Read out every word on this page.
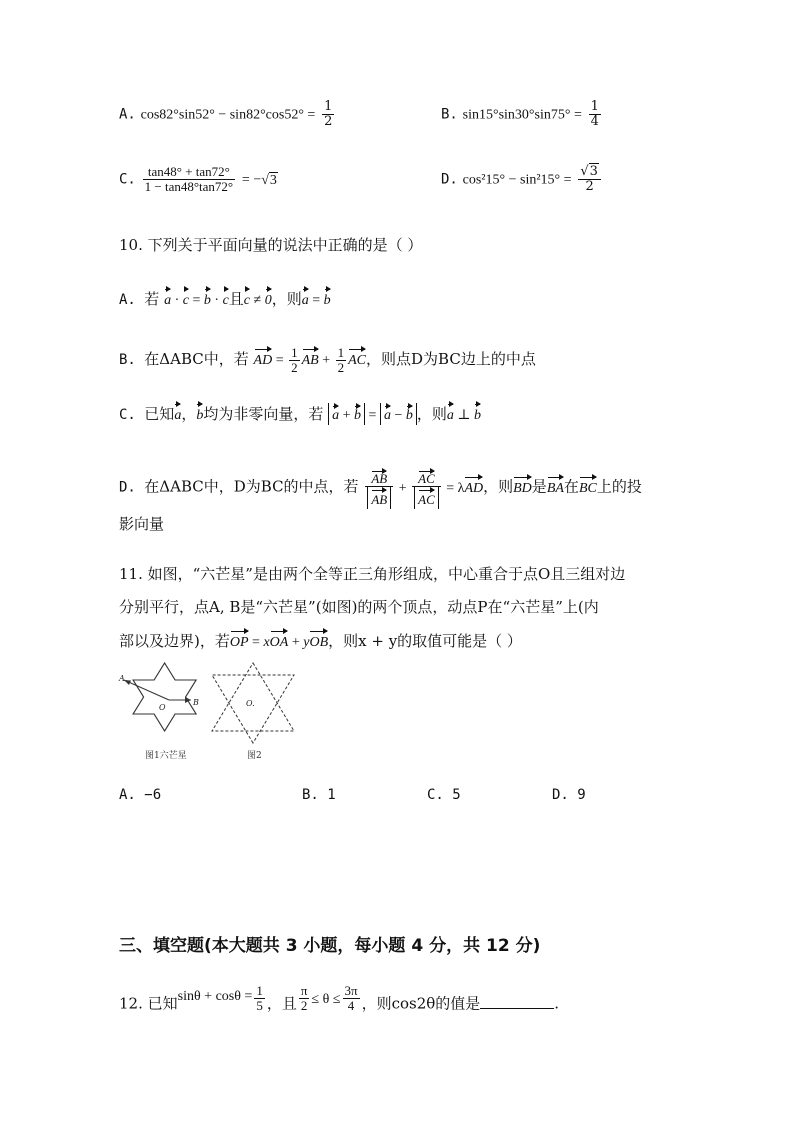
A. $\cos 82^\circ\sin 52^\circ - \sin 82^\circ\cos 52^\circ = \frac{1}{2}$	B. $\sin 15^\circ\sin 30^\circ\sin 75^\circ = \frac{1}{4}$
C. $\frac{\tan 48^\circ + \tan 72^\circ}{1 - \tan 48^\circ\tan 72^\circ} = -√3$	D. $\cos^215^\circ - \sin^215^\circ = \frac{√3}{2}$
10. 下列关于平面向量的说法中正确的是（ ）
A. 若 a · c = b · c且c ≠ 0，则a = b
B. 在ΔABC中，若 AD = $\frac{1}{2}$ AB + $\frac{1}{2}$ AC，则点D为BC边上的中点
C. 已知a，b均为非零向量，若 a + b = a − b ，则a ⊥ b
D. 在ΔABC中，D为BC的中点，若 $\frac{AB}{AB} + \frac{AC}{AC} = \lambda AD$，则BD是BA在BC上的投
影向量
11. 如图，“六芒星”是由两个全等正三角形组成，中心重合于点O且三组对边
分别平行，点A, B是“六芒星”(如图)的两个顶点，动点P在“六芒星”上(内
部以及边界)，若OP = xOA + yOB，则x + y的取值可能是（ ）
A
O
B
图1六芒星
O.
图2
A. −6	B. 1	C. 5	D. 9
三、填空题(本大题共 3 小题，每小题 4 分，共 12 分)
12. 已知$\sin\theta + \cos\theta = \frac{1}{5}$ ，且 $\frac{\pi}{2} \le \theta \le \frac{3\pi}{4}$ ，则cos2θ的值是	.
